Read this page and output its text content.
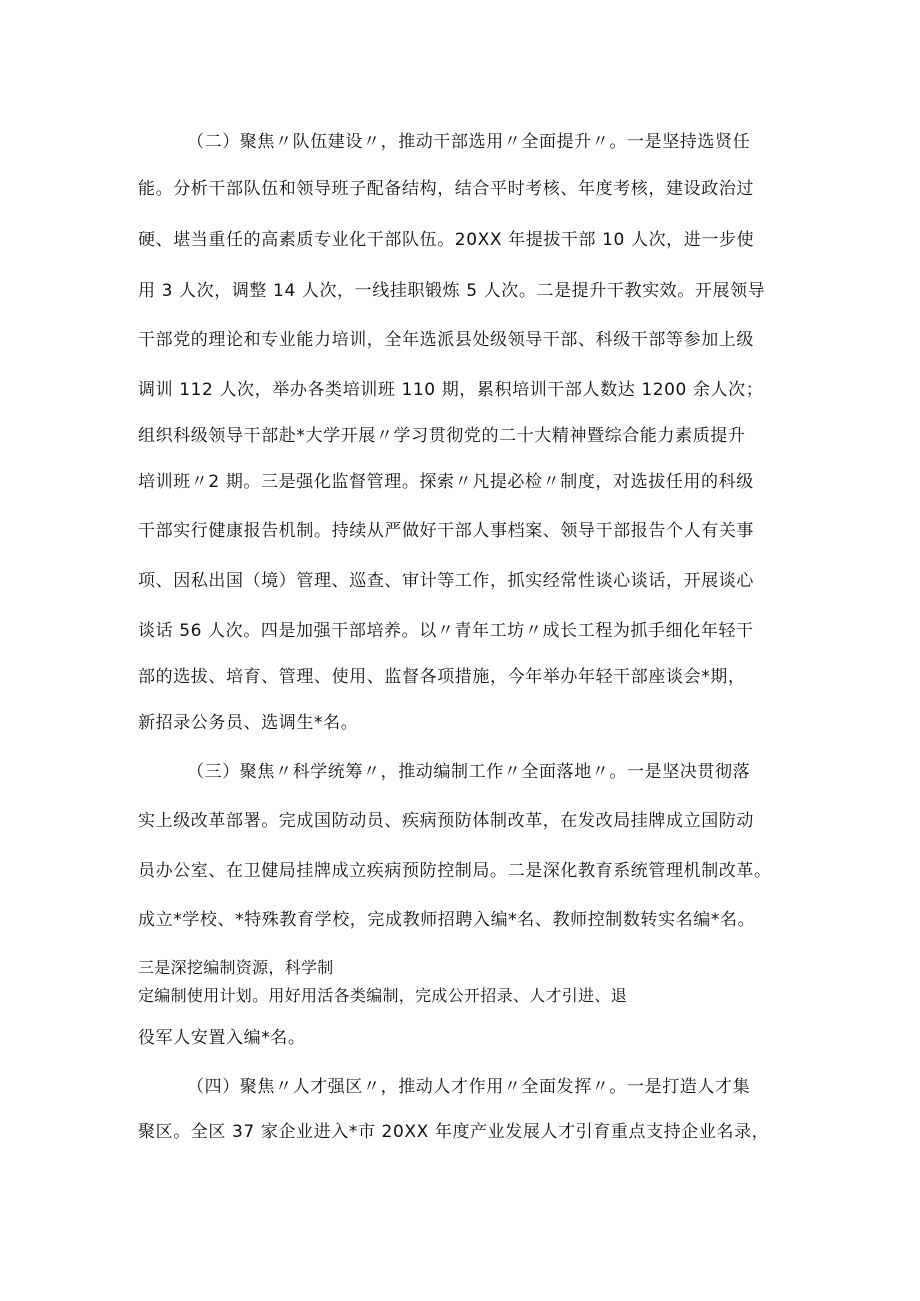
（二）聚焦〃队伍建设〃，推动干部选用〃全面提升〃。一是坚持选贤任

能。分析干部队伍和领导班子配备结构，结合平时考核、年度考核，建设政治过

硬、堪当重任的高素质专业化干部队伍。20XX 年提拔干部 10 人次，进一步使

用 3 人次，调整 14 人次，一线挂职锻炼 5 人次。二是提升干教实效。开展领导

干部党的理论和专业能力培训，全年选派县处级领导干部、科级干部等参加上级

调训 112 人次，举办各类培训班 110 期，累积培训干部人数达 1200 余人次；

组织科级领导干部赴*大学开展〃学习贯彻党的二十大精神暨综合能力素质提升

培训班〃2 期。三是强化监督管理。探索〃凡提必检〃制度，对选拔任用的科级

干部实行健康报告机制。持续从严做好干部人事档案、领导干部报告个人有关事

项、因私出国（境）管理、巡查、审计等工作，抓实经常性谈心谈话，开展谈心

谈话 56 人次。四是加强干部培养。以〃青年工坊〃成长工程为抓手细化年轻干

部的选拔、培育、管理、使用、监督各项措施，今年举办年轻干部座谈会*期，

新招录公务员、选调生*名。

（三）聚焦〃科学统筹〃，推动编制工作〃全面落地〃。一是坚决贯彻落

实上级改革部署。完成国防动员、疾病预防体制改革，在发改局挂牌成立国防动

员办公室、在卫健局挂牌成立疾病预防控制局。二是深化教育系统管理机制改革。

成立*学校、*特殊教育学校，完成教师招聘入编*名、教师控制数转实名编*名。

三是深挖编制资源，科学制

定编制使用计划。用好用活各类编制，完成公开招录、人才引进、退

役军人安置入编*名。

（四）聚焦〃人才强区〃，推动人才作用〃全面发挥〃。一是打造人才集

聚区。全区 37 家企业进入*市 20XX 年度产业发展人才引育重点支持企业名录，
